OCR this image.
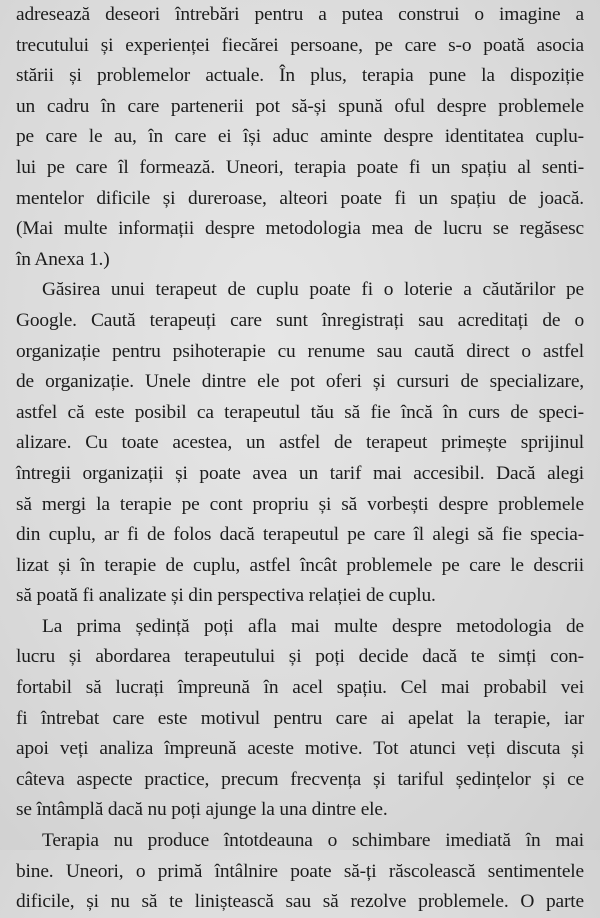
adresează deseori întrebări pentru a putea construi o imagine a
trecutului și experienței fiecărei persoane, pe care s-o poată asocia
stării și problemelor actuale. În plus, terapia pune la dispoziție
un cadru în care partenerii pot să-și spună oful despre problemele
pe care le au, în care ei își aduc aminte despre identitatea cuplu-
lui pe care îl formează. Uneori, terapia poate fi un spațiu al senti-
mentelor dificile și dureroase, alteori poate fi un spațiu de joacă.
(Mai multe informații despre metodologia mea de lucru se regăsesc
în Anexa 1.)
Găsirea unui terapeut de cuplu poate fi o loterie a căutărilor pe
Google. Caută terapeuți care sunt înregistrați sau acreditați de o
organizație pentru psihoterapie cu renume sau caută direct o astfel
de organizație. Unele dintre ele pot oferi și cursuri de specializare,
astfel că este posibil ca terapeutul tău să fie încă în curs de speci-
alizare. Cu toate acestea, un astfel de terapeut primește sprijinul
întregii organizații și poate avea un tarif mai accesibil. Dacă alegi
să mergi la terapie pe cont propriu și să vorbești despre problemele
din cuplu, ar fi de folos dacă terapeutul pe care îl alegi să fie specia-
lizat și în terapie de cuplu, astfel încât problemele pe care le descrii
să poată fi analizate și din perspectiva relației de cuplu.
La prima ședință poți afla mai multe despre metodologia de
lucru și abordarea terapeutului și poți decide dacă te simți con-
fortabil să lucrați împreună în acel spațiu. Cel mai probabil vei
fi întrebat care este motivul pentru care ai apelat la terapie, iar
apoi veți analiza împreună aceste motive. Tot atunci veți discuta și
câteva aspecte practice, precum frecvența și tariful ședințelor și ce
se întâmplă dacă nu poți ajunge la una dintre ele.
Terapia nu produce întotdeauna o schimbare imediată în mai
bine. Uneori, o primă întâlnire poate să-ți răscolească sentimentele
dificile, și nu să te liniștească sau să rezolve problemele. O parte
